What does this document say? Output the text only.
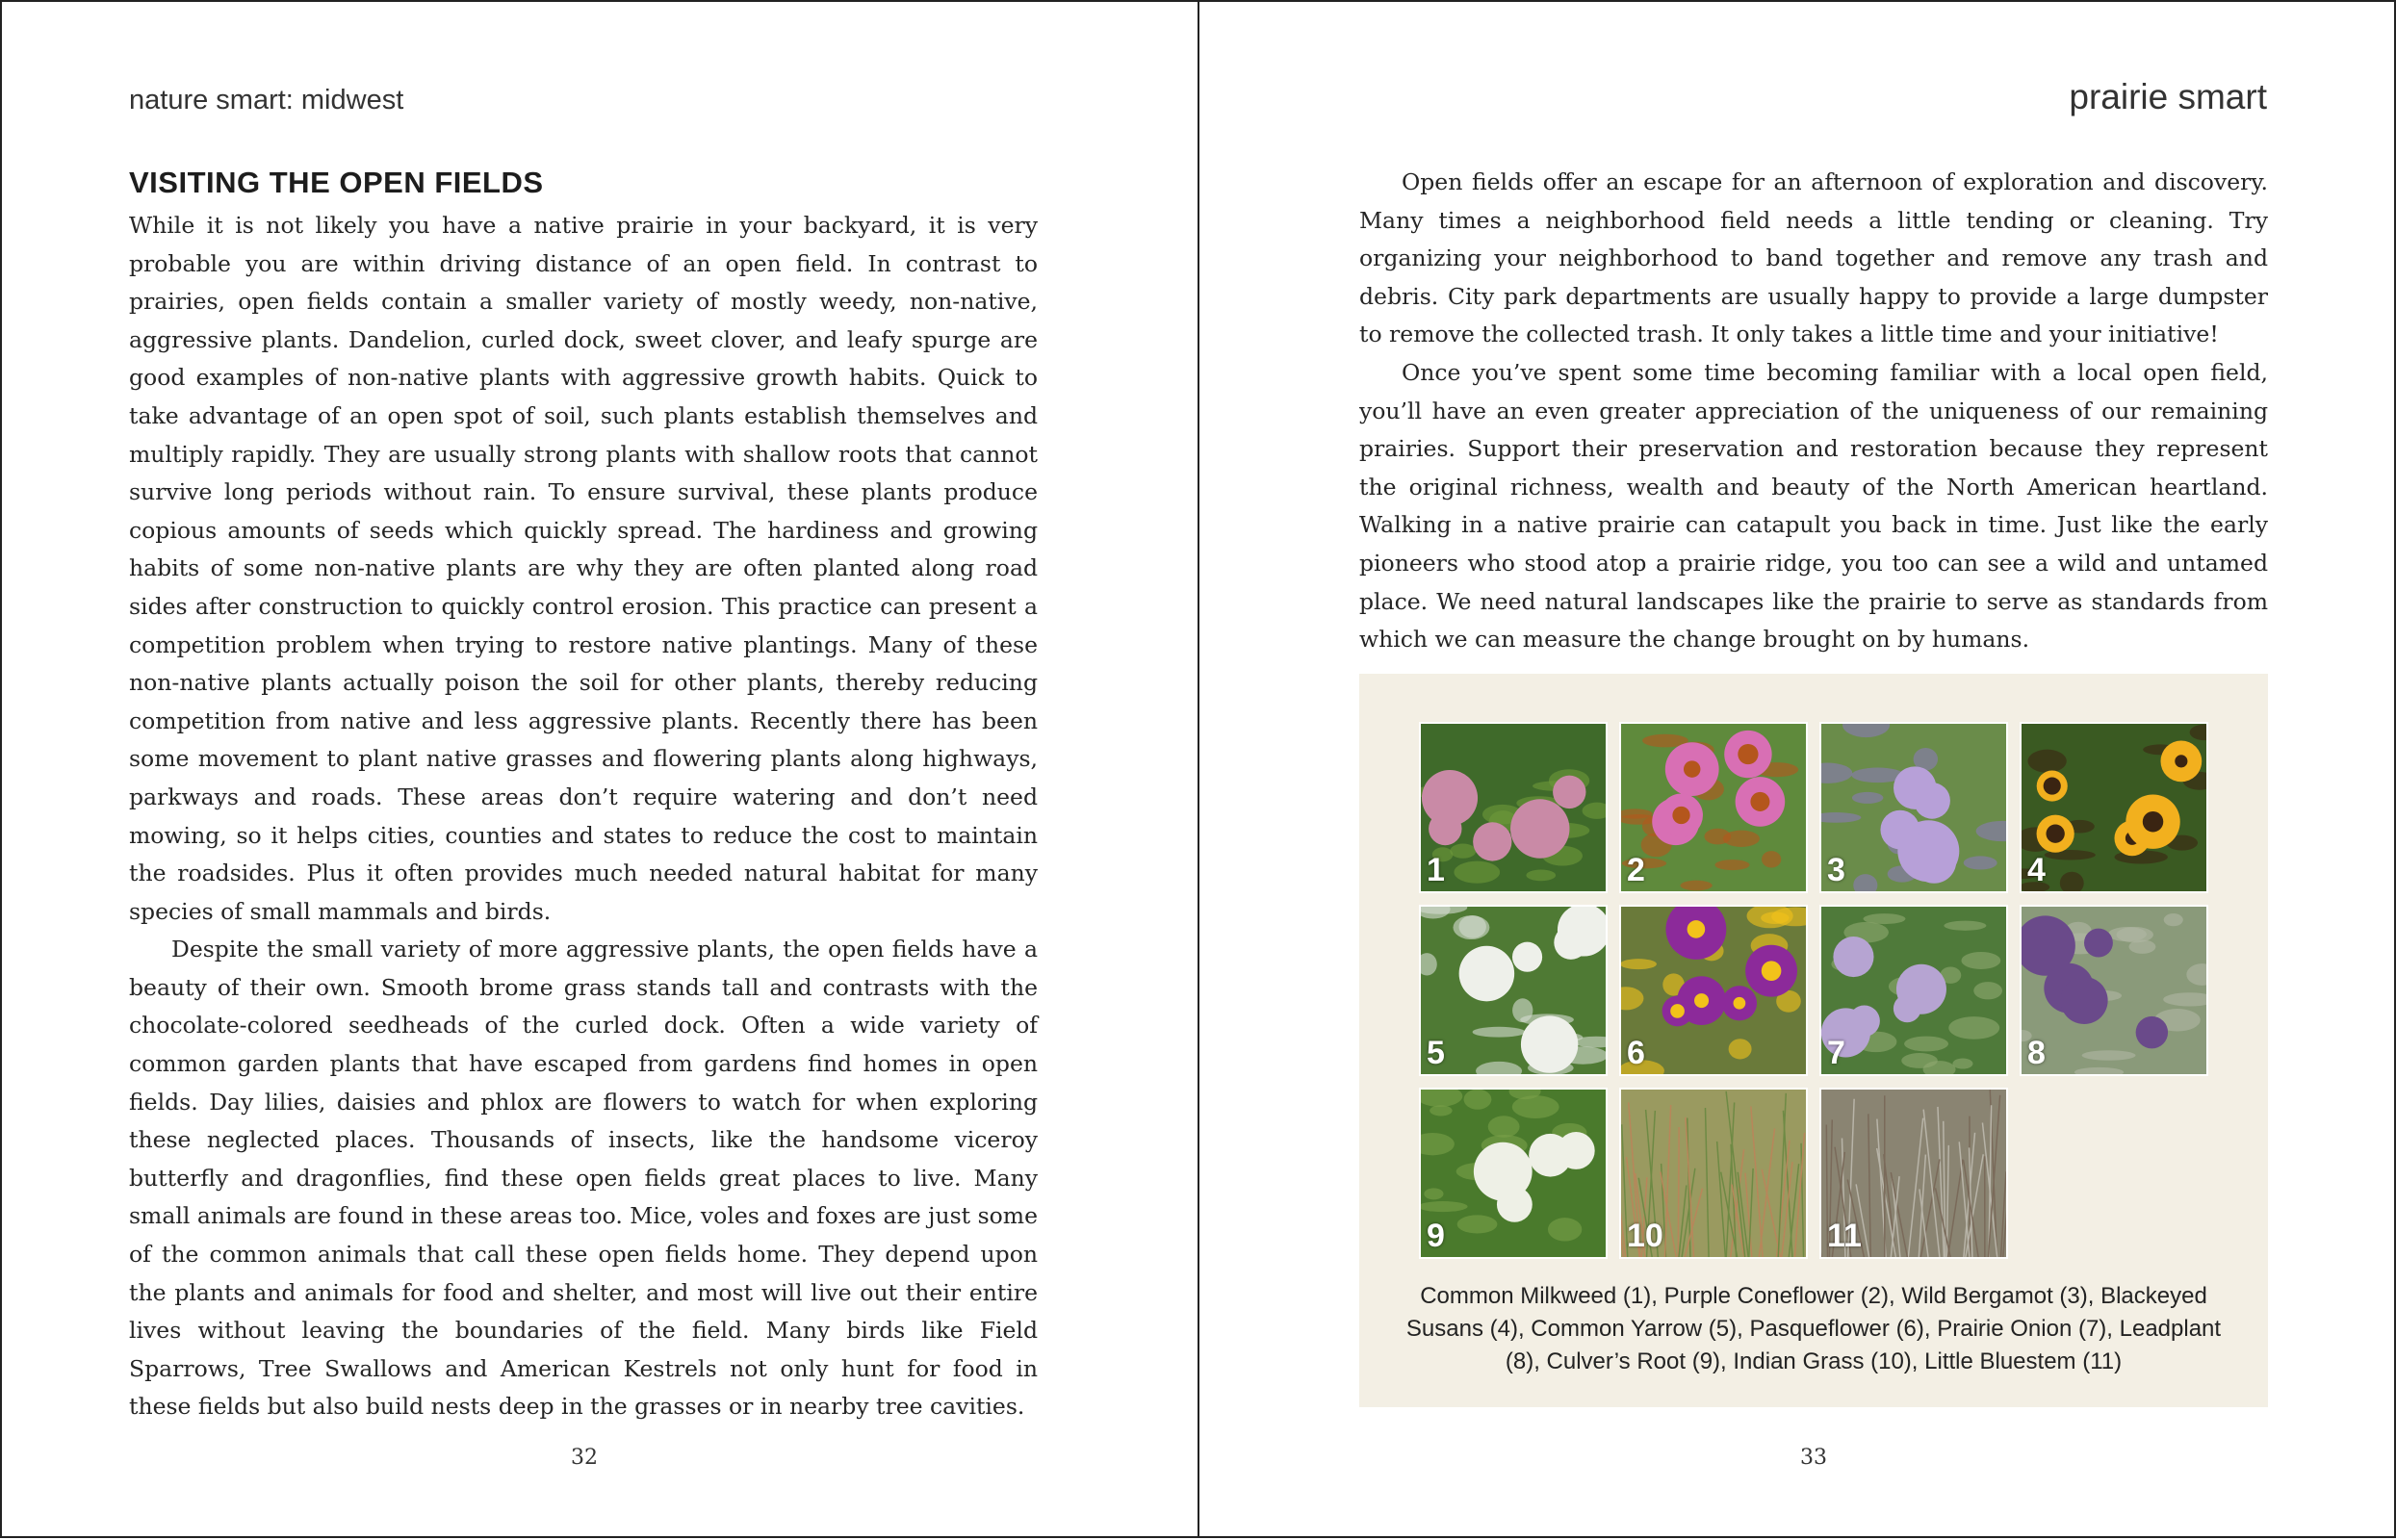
nature smart: midwest
VISITING THE OPEN FIELDS

While it is not likely you have a native prairie in your backyard, it is very probable you are within driving distance of an open field. In contrast to prairies, open fields contain a smaller variety of mostly weedy, non-native, aggressive plants. Dandelion, curled dock, sweet clover, and leafy spurge are good examples of non-native plants with aggressive growth habits. Quick to take advantage of an open spot of soil, such plants establish themselves and multiply rapidly. They are usually strong plants with shallow roots that cannot survive long periods without rain. To ensure survival, these plants produce copious amounts of seeds which quickly spread. The hardiness and growing habits of some non-native plants are why they are often planted along road sides after construction to quickly control erosion. This practice can present a competition problem when trying to restore native plantings. Many of these non-native plants actually poison the soil for other plants, thereby reducing competition from native and less aggressive plants. Recently there has been some movement to plant native grasses and flowering plants along highways, parkways and roads. These areas don’t require watering and don’t need mowing, so it helps cities, counties and states to reduce the cost to maintain the roadsides. Plus it often provides much needed natural habitat for many species of small mammals and birds.

Despite the small variety of more aggressive plants, the open fields have a beauty of their own. Smooth brome grass stands tall and contrasts with the chocolate-colored seedheads of the curled dock. Often a wide variety of common garden plants that have escaped from gardens find homes in open fields. Day lilies, daisies and phlox are flowers to watch for when exploring these neglected places. Thousands of insects, like the handsome viceroy butterfly and dragonflies, find these open fields great places to live. Many small animals are found in these areas too. Mice, voles and foxes are just some of the common animals that call these open fields home. They depend upon the plants and animals for food and shelter, and most will live out their entire lives without leaving the boundaries of the field. Many birds like Field Sparrows, Tree Swallows and American Kestrels not only hunt for food in these fields but also build nests deep in the grasses or in nearby tree cavities.

32
prairie smart

Open fields offer an escape for an afternoon of exploration and discovery. Many times a neighborhood field needs a little tending or cleaning. Try organizing your neighborhood to band together and remove any trash and debris. City park departments are usually happy to provide a large dumpster to remove the collected trash. It only takes a little time and your initiative!

Once you’ve spent some time becoming familiar with a local open field, you’ll have an even greater appreciation of the uniqueness of our remaining prairies. Support their preservation and restoration because they represent the original richness, wealth and beauty of the North American heartland. Walking in a native prairie can catapult you back in time. Just like the early pioneers who stood atop a prairie ridge, you too can see a wild and untamed place. We need natural landscapes like the prairie to serve as standards from which we can measure the change brought on by humans.

1	2	3	4
5	6	7	8
9	10	11
Common Milkweed (1), Purple Coneflower (2), Wild Bergamot (3), Blackeyed Susans (4), Common Yarrow (5), Pasqueflower (6), Prairie Onion (7), Leadplant (8), Culver’s Root (9), Indian Grass (10), Little Bluestem (11)
33
